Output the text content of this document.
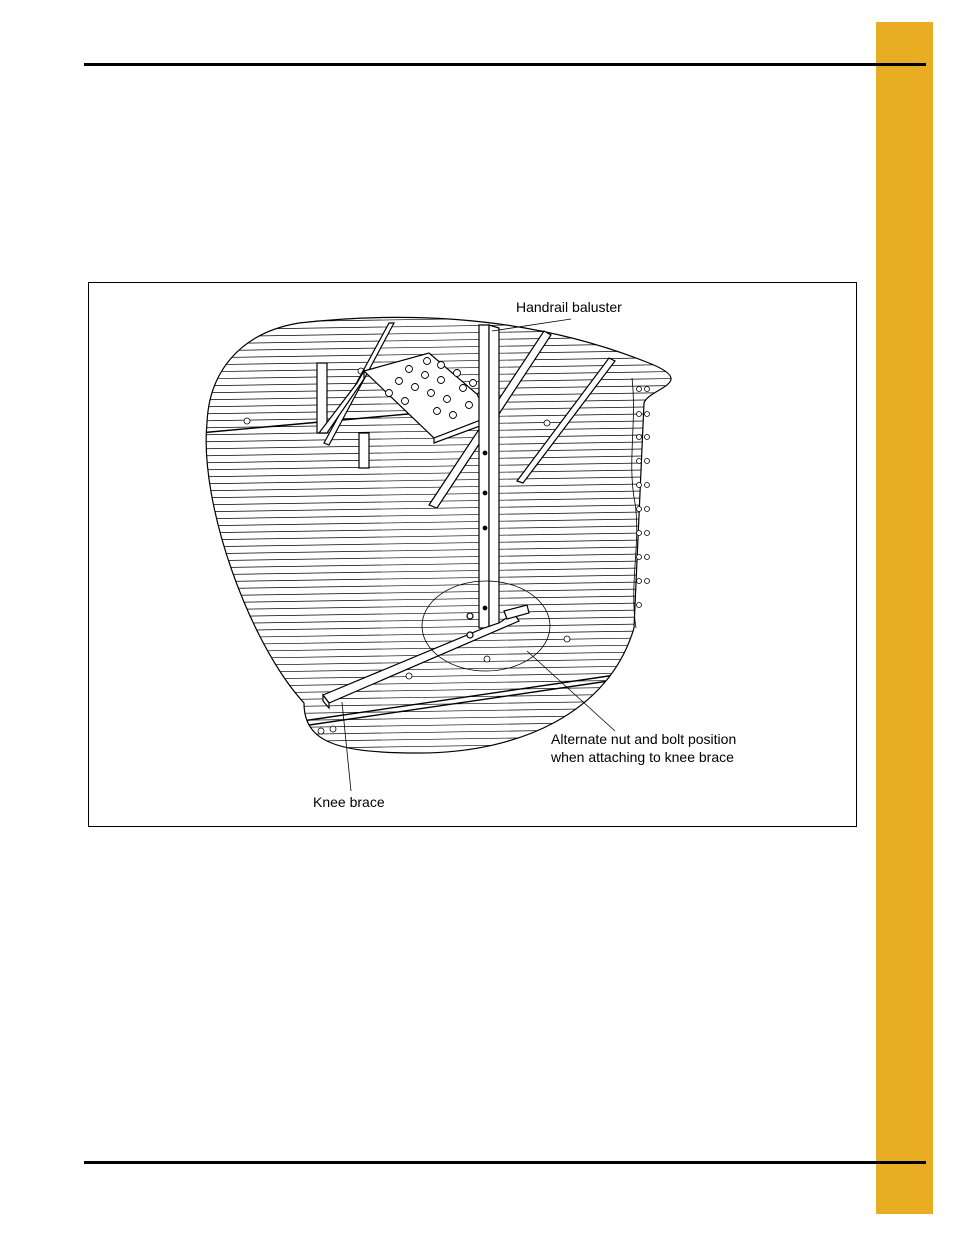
Handrail baluster
Alternate nut and bolt position
when attaching to knee brace
Knee brace
